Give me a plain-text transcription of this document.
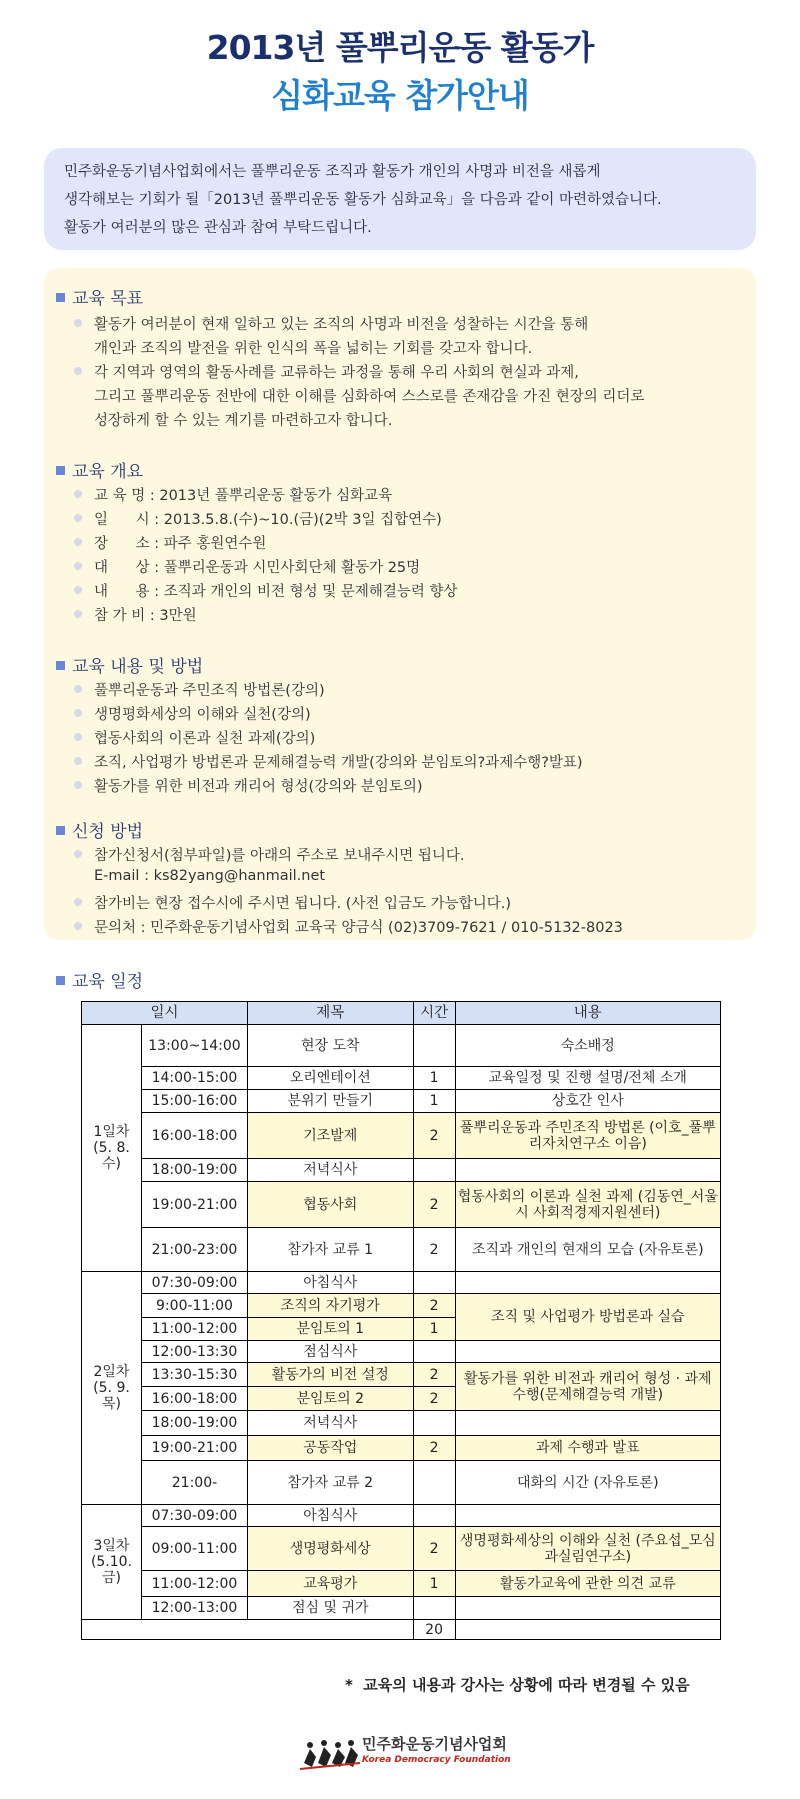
2013년 풀뿌리운동 활동가
심화교육 참가안내

민주화운동기념사업회에서는 풀뿌리운동 조직과 활동가 개인의 사명과 비전을 새롭게

생각해보는 기회가 될「2013년 풀뿌리운동 활동가 심화교육」을 다음과 같이 마련하였습니다.

활동가 여러분의 많은 관심과 참여 부탁드립니다.

교육 목표
활동가 여러분이 현재 일하고 있는 조직의 사명과 비전을 성찰하는 시간을 통해
개인과 조직의 발전을 위한 인식의 폭을 넓히는 기회를 갖고자 합니다.
각 지역과 영역의 활동사례를 교류하는 과정을 통해 우리 사회의 현실과 과제,
그리고 풀뿌리운동 전반에 대한 이해를 심화하여 스스로를 존재감을 가진 현장의 리더로
성장하게 할 수 있는 계기를 마련하고자 합니다.
교육 개요
교 육 명 : 2013년 풀뿌리운동 활동가 심화교육
일      시 : 2013.5.8.(수)~10.(금)(2박 3일 집합연수)
장      소 : 파주 홍원연수원
대      상 : 풀뿌리운동과 시민사회단체 활동가 25명
내      용 : 조직과 개인의 비전 형성 및 문제해결능력 향상
참 가 비 : 3만원
교육 내용 및 방법
풀뿌리운동과 주민조직 방법론(강의)
생명평화세상의 이해와 실천(강의)
협동사회의 이론과 실천 과제(강의)
조직, 사업평가 방법론과 문제해결능력 개발(강의와 분임토의?과제수행?발표)
활동가를 위한 비전과 캐리어 형성(강의와 분임토의)
신청 방법
참가신청서(첨부파일)를 아래의 주소로 보내주시면 됩니다.
E-mail : ks82yang@hanmail.net
참가비는 현장 접수시에 주시면 됩니다. (사전 입금도 가능합니다.)
문의처 : 민주화운동기념사업회 교육국 양금식 (02)3709-7621 / 010-5132-8023
교육 일정
일시		제목	시간	내용
1일차 (5. 8. 수)	13:00~14:00	현장 도착		숙소배정
	14:00-15:00	오리엔테이션	1	교육일정 및 진행 설명/전체 소개
	15:00-16:00	분위기 만들기	1	상호간 인사
	16:00-18:00	기조발제	2	풀뿌리운동과 주민조직 방법론 (이호_풀뿌리자치연구소 이음)
	18:00-19:00	저녁식사		
	19:00-21:00	협동사회	2	협동사회의 이론과 실천 과제 (김동연_서울시 사회적경제지원센터)
	21:00-23:00	참가자 교류 1	2	조직과 개인의 현재의 모습 (자유토론)
2일차 (5. 9. 목)	07:30-09:00	아침식사		
	9:00-11:00	조직의 자기평가	2	조직 및 사업평가 방법론과 실습
	11:00-12:00	분임토의 1	1	
	12:00-13:30	점심식사		
	13:30-15:30	활동가의 비전 설정	2	활동가를 위한 비전과 캐리어 형성 · 과제 수행(문제해결능력 개발)
	16:00-18:00	분임토의 2	2	
	18:00-19:00	저녁식사		
	19:00-21:00	공동작업	2	과제 수행과 발표
	21:00-	참가자 교류 2		대화의 시간 (자유토론)
3일차 (5.10. 금)	07:30-09:00	아침식사		
	09:00-11:00	생명평화세상	2	생명평화세상의 이해와 실천 (주요섭_모심과실림연구소)
	11:00-12:00	교육평가	1	활동가교육에 관한 의견 교류
	12:00-13:00	점심 및 귀가		
			20	
*  교육의 내용과 강사는 상황에 따라 변경될 수 있음
민주화운동기념사업회
Korea Democracy Foundation
